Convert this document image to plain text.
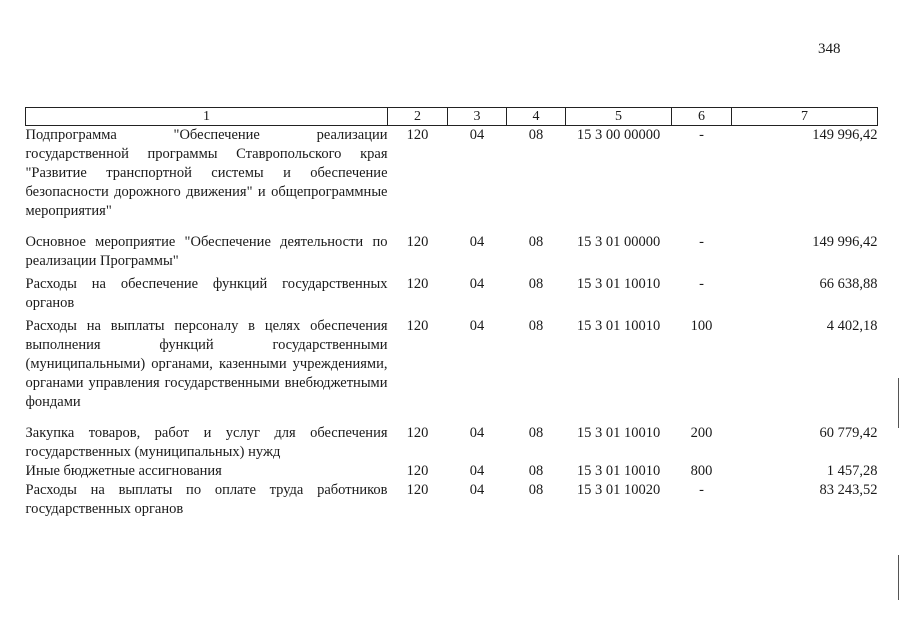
348
1	2	3	4	5	6	7
Подпрограмма "Обеспечение реализации государственной программы Ставропольского края "Развитие транспортной системы и обеспечение безопасности дорожного движения" и общепрограммные мероприятия"	120	04	08	15 3 00 00000	-	149 996,42
Основное мероприятие "Обеспечение деятельности по реализации Программы"	120	04	08	15 3 01 00000	-	149 996,42
Расходы на обеспечение функций государственных органов	120	04	08	15 3 01 10010	-	66 638,88
Расходы на выплаты персоналу в целях обеспечения выполнения функций государственными (муниципальными) органами, казенными учреждениями, органами управления государственными внебюджетными фондами	120	04	08	15 3 01 10010	100	4 402,18
Закупка товаров, работ и услуг для обеспечения государственных (муниципальных) нужд	120	04	08	15 3 01 10010	200	60 779,42
Иные бюджетные ассигнования	120	04	08	15 3 01 10010	800	1 457,28
Расходы на выплаты по оплате труда работников государственных органов	120	04	08	15 3 01 10020	-	83 243,52
